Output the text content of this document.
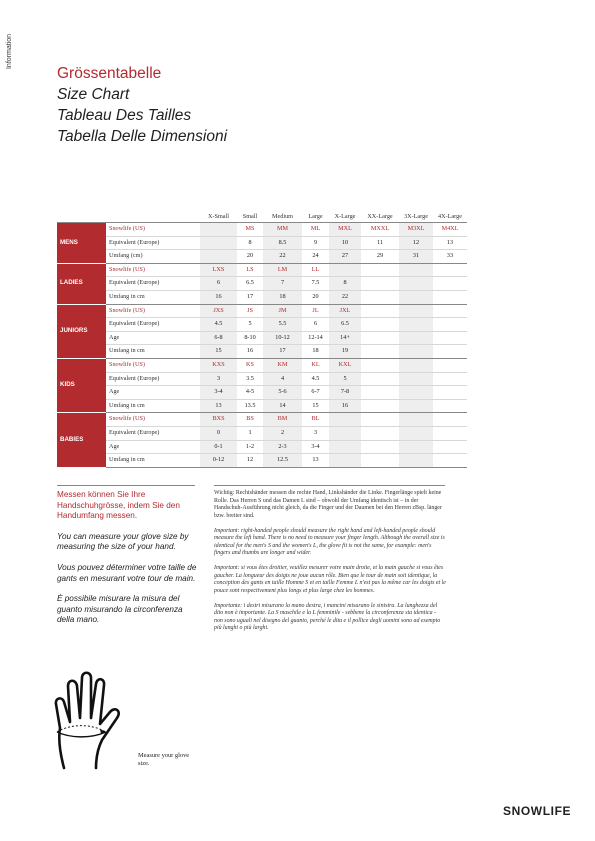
Information
Grössentabelle
Size Chart
Tableau Des Tailles
Tabella Delle Dimensioni
		X-Small	Small	Medium	Large	X-Large	XX-Large	3X-Large	4X-Large

MENS	Snowlife (US)		MS	MM	ML	MXL	MXXL	M3XL	M4XL
	Equivalent (Europe)		8	8.5	9	10	11	12	13
	Umfang (cm)		20	22	24	27	29	31	33
LADIES	Snowlife (US)	LXS	LS	LM	LL				
	Equivalent (Europe)	6	6.5	7	7.5	8			
	Umfang in cm	16	17	18	20	22			
JUNIORS	Snowlife (US)	JXS	JS	JM	JL	JXL			
	Equivalent (Europe)	4.5	5	5.5	6	6.5			
	Age	6-8	8-10	10-12	12-14	14+			
	Umfang in cm	15	16	17	18	19			
KIDS	Snowlife (US)	KXS	KS	KM	KL	KXL			
	Equivalent (Europe)	3	3.5	4	4.5	5			
	Age	3-4	4-5	5-6	6-7	7-8			
	Umfang in cm	13	13.5	14	15	16			
BABIES	Snowlife (US)	BXS	BS	BM	BL				
	Equivalent (Europe)	0	1	2	3				
	Age	0-1	1-2	2-3	3-4				
	Umfang in cm	0-12	12	12.5	13				

Messen können Sie Ihre Handschuhgrösse, indem Sie den Handumfang messen.

You can measure your glove size by measuring the size of your hand.

Vous pouvez déterminer votre taille de gants en mesurant votre tour de main.

È possibile misurare la misura del guanto misurando la circonferenza della mano.

Wichtig: Rechtshänder messen die rechte Hand, Linkshänder die Linke. Fingerlänge spielt keine Rolle. Das Herren S und das Damen L sind – obwohl der Umfang identisch ist – in der Handschuh-Ausführung nicht gleich, da die Finger und der Daumen bei den Herren zBsp. länger bzw. breiter sind.

Important: right-handed people should measure the right hand and left-handed people should measure the left hand. There is no need to measure your finger length. Although the overall size is identical for the men's S and the women's L, the glove fit is not the same, for example: men's fingers and thumbs are longer and wider.

Important: si vous êtes droitier, veuillez mesurer votre main droite, et la main gauche si vous êtes gaucher. La longueur des doigts ne joue aucun rôle. Bien que le tour de main soit identique, la conception des gants en taille Homme S et en taille Femme L n'est pas la même car les doigts et le pouce sont respectivement plus longs et plus large chez les hommes.

Importante: i destri misurano la mano destra, i mancini misurano le sinistra. La lunghezza del dito non è importante. La S maschile e la L femminile - sebbene la circonferenza sia identica - non sono uguali nel disegno del guanto, perché le dita e il pollice degli uomini sono ad esempio più lunghi o più larghi.

Measure your glove size.
SNOWLIFE
